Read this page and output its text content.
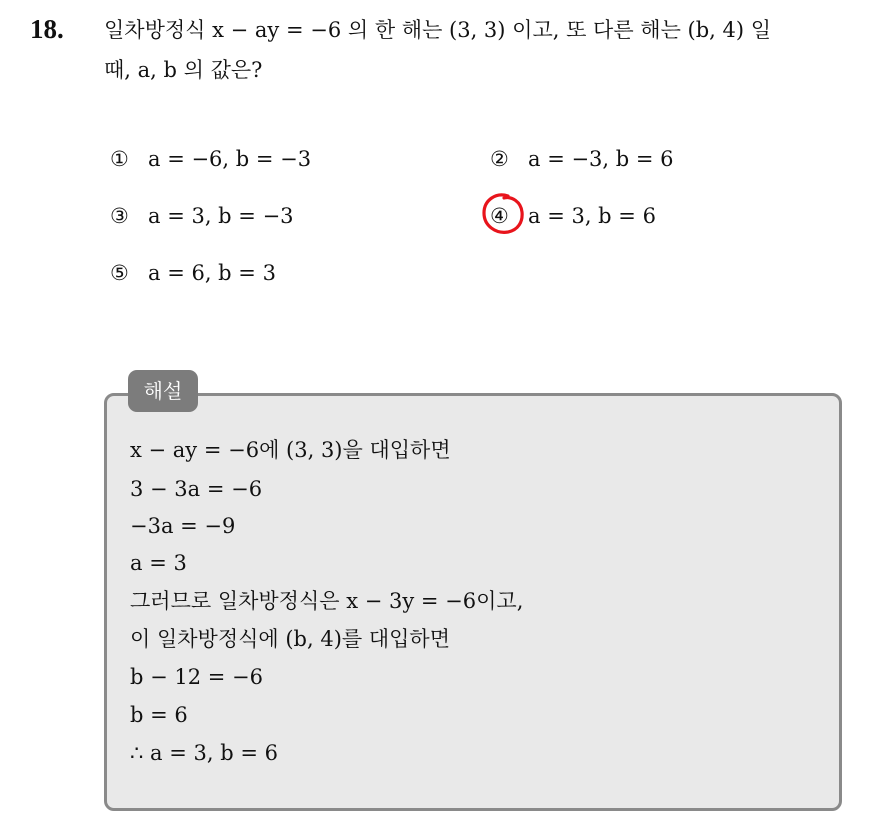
18. 일차방정식 x − ay = −6 의 한 해는 (3, 3) 이고, 또 다른 해는 (b, 4) 일
때, a, b 의 값은?
① a = −6, b = −3	② a = −3, b = 6
③ a = 3, b = −3	④ a = 3, b = 6
⑤ a = 6, b = 3
해설
x − ay = −6에 (3, 3)을 대입하면
3 − 3a = −6
−3a = −9
a = 3
그러므로 일차방정식은 x − 3y = −6이고,
이 일차방정식에 (b, 4)를 대입하면
b − 12 = −6
b = 6
∴ a = 3, b = 6
